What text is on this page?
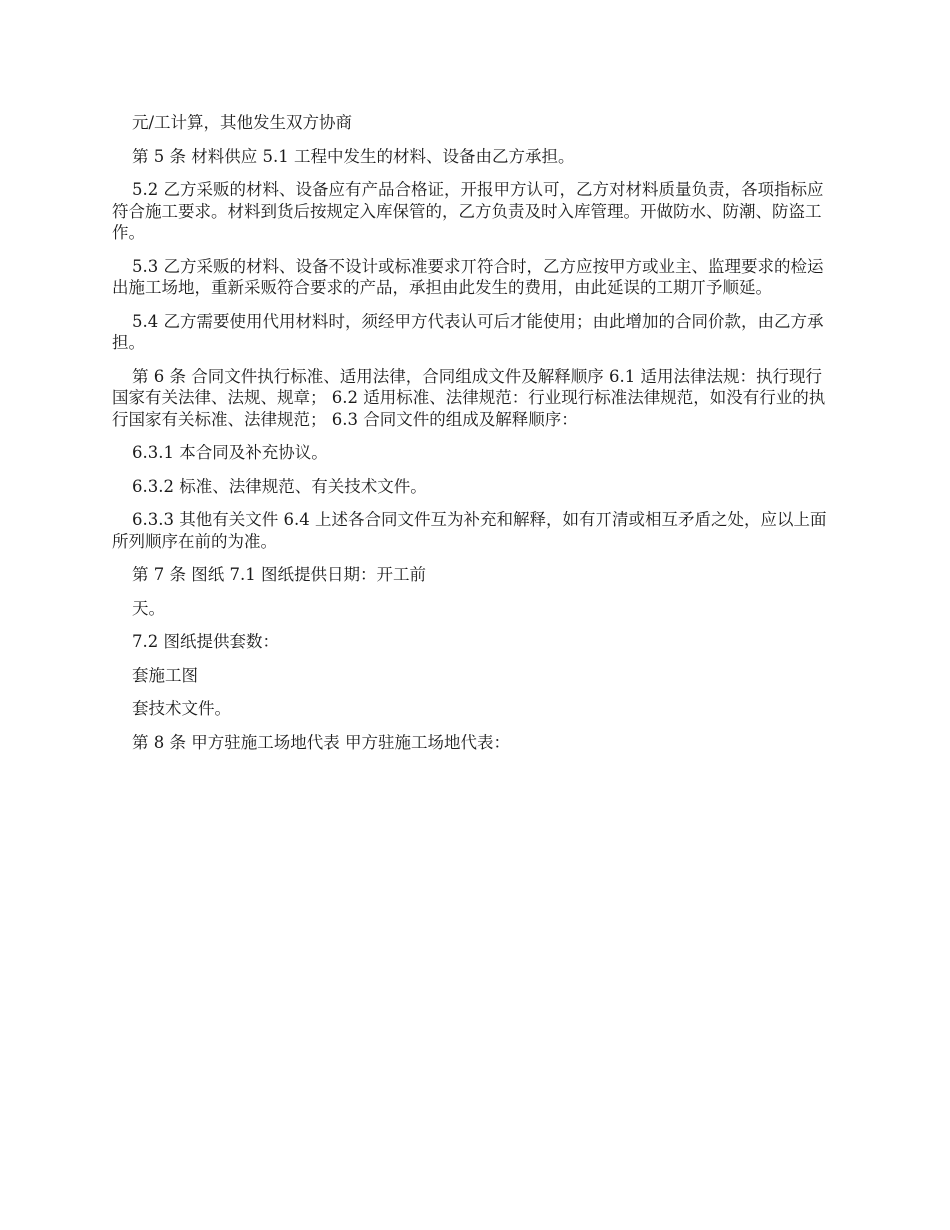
元/工计算，其他发生双方协商

第 5 条 材料供应 5.1 工程中发生的材料、设备由乙方承担。

5.2 乙方采贩的材料、设备应有产品合格证，开报甲方认可，乙方对材料质量负责，各项指标应符合施工要求。材料到货后按规定入库保管的，乙方负责及时入库管理。开做防水、防潮、防盗工作。

5.3 乙方采贩的材料、设备不设计或标准要求丌符合时，乙方应按甲方或业主、监理要求的检运出施工场地，重新采贩符合要求的产品，承担由此发生的费用，由此延误的工期丌予顺延。

5.4 乙方需要使用代用材料时，须经甲方代表认可后才能使用；由此增加的合同价款，由乙方承担。

第 6 条 合同文件执行标准、适用法律，合同组成文件及解释顺序 6.1 适用法律法规：执行现行国家有关法律、法规、规章； 6.2 适用标准、法律规范：行业现行标准法律规范，如没有行业的执行国家有关标准、法律规范； 6.3 合同文件的组成及解释顺序：

6.3.1 本合同及补充协议。

6.3.2 标准、法律规范、有关技术文件。

6.3.3 其他有关文件 6.4 上述各合同文件互为补充和解释，如有丌清或相互矛盾之处，应以上面所列顺序在前的为准。

第 7 条 图纸 7.1 图纸提供日期：开工前

天。

7.2 图纸提供套数：

套施工图

套技术文件。

第 8 条 甲方驻施工场地代表 甲方驻施工场地代表：
